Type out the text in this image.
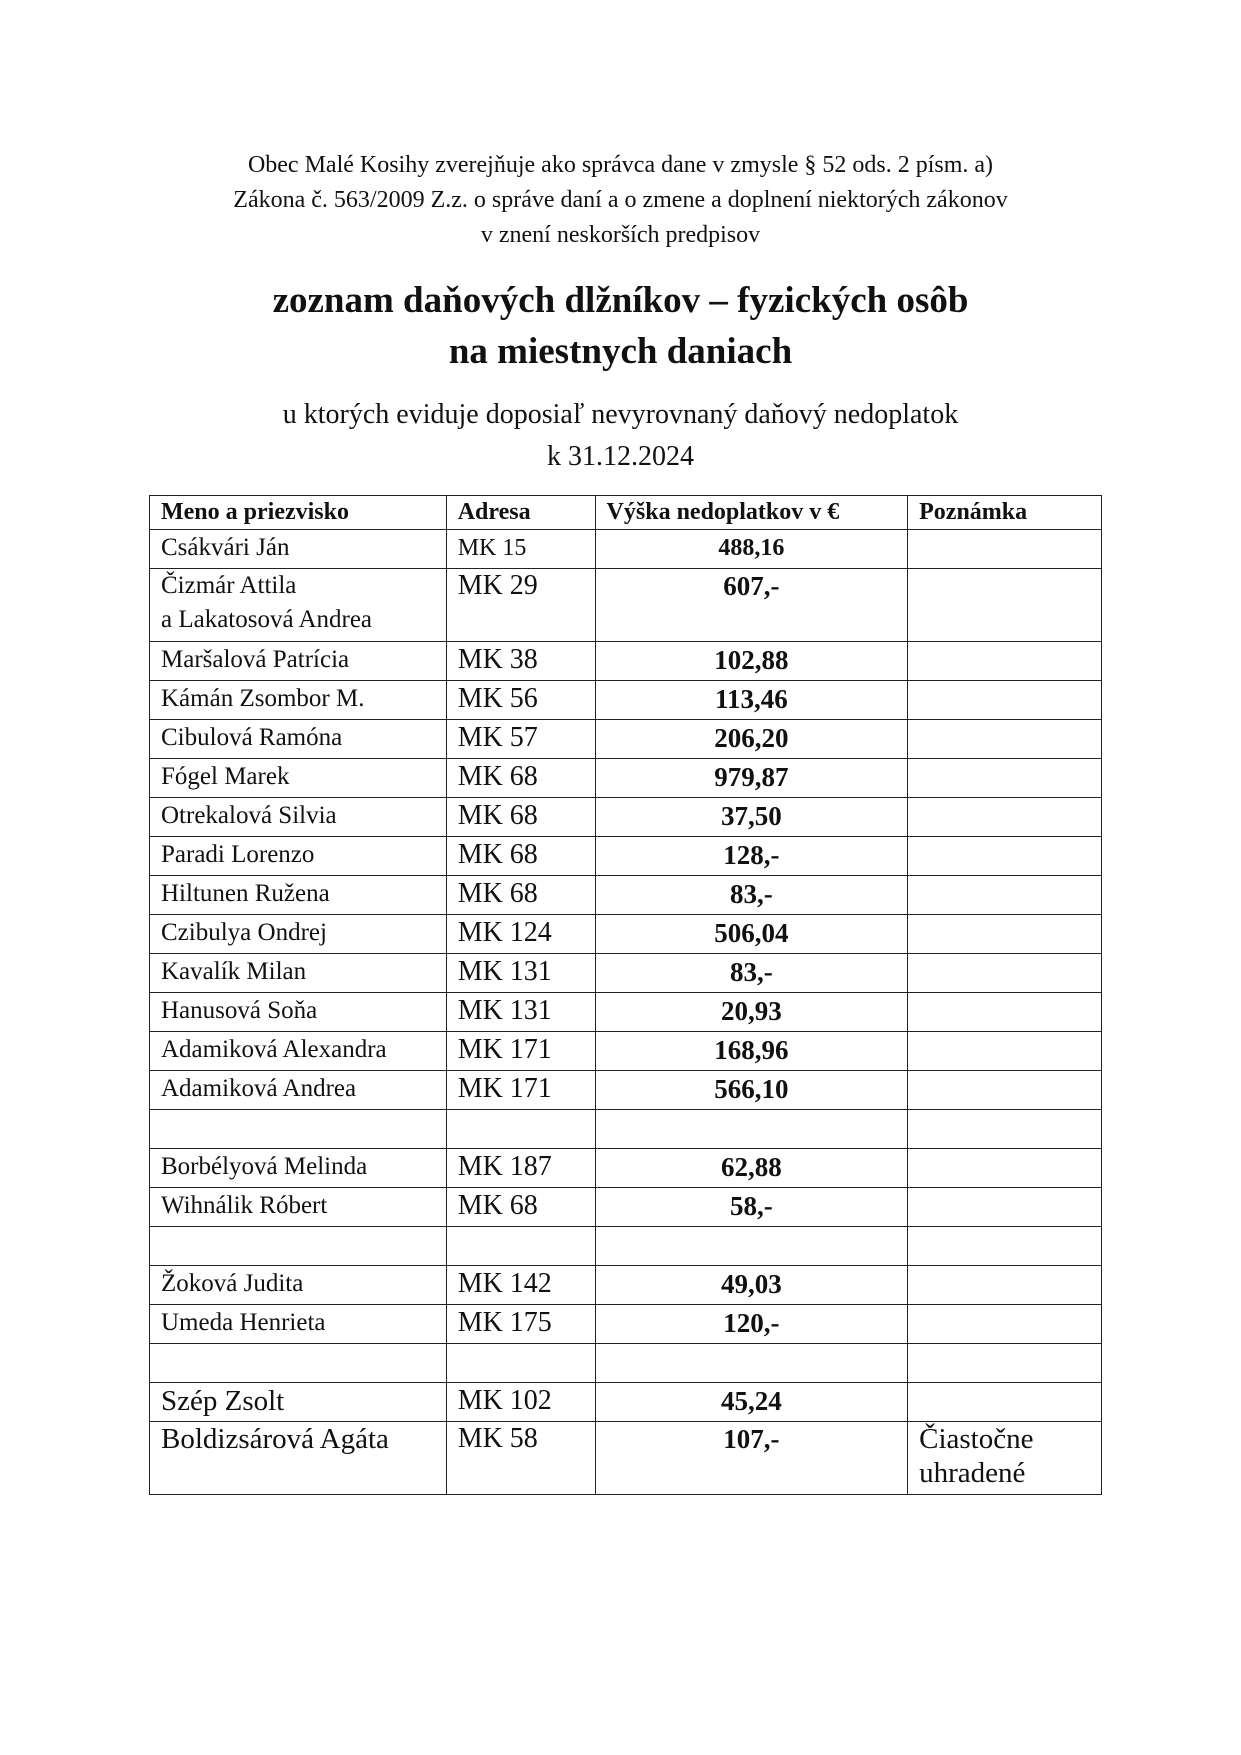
Obec Malé Kosihy zverejňuje ako správca dane v zmysle § 52 ods. 2 písm. a)
Zákona č. 563/2009 Z.z. o správe daní a o zmene a doplnení niektorých zákonov
v znení neskorších predpisov
zoznam daňových dlžníkov – fyzických osôb
na miestnych daniach
u ktorých eviduje doposiaľ nevyrovnaný daňový nedoplatok
k 31.12.2024
Meno a priezvisko	Adresa	Výška nedoplatkov v €	Poznámka

Csákvári Ján	MK 15	488,16	

Čizmár Attila
a Lakatosová Andrea	MK 29	607,-	

Maršalová Patrícia	MK 38	102,88	

Kámán Zsombor M.	MK 56	113,46	

Cibulová Ramóna	MK 57	206,20	

Fógel Marek	MK 68	979,87	

Otrekalová Silvia	MK 68	37,50	

Paradi Lorenzo	MK 68	128,-	

Hiltunen Ružena	MK 68	83,-	

Czibulya Ondrej	MK 124	506,04	

Kavalík Milan	MK 131	83,-	

Hanusová Soňa	MK 131	20,93	

Adamiková Alexandra	MK 171	168,96	

Adamiková Andrea	MK 171	566,10	

Borbélyová Melinda	MK 187	62,88	

Wihnálik Róbert	MK 68	58,-	

Žoková Judita	MK 142	49,03	

Umeda Henrieta	MK 175	120,-	

Szép Zsolt	MK 102	45,24	

Boldizsárová Agáta	MK 58	107,-	Čiastočne
uhradené
